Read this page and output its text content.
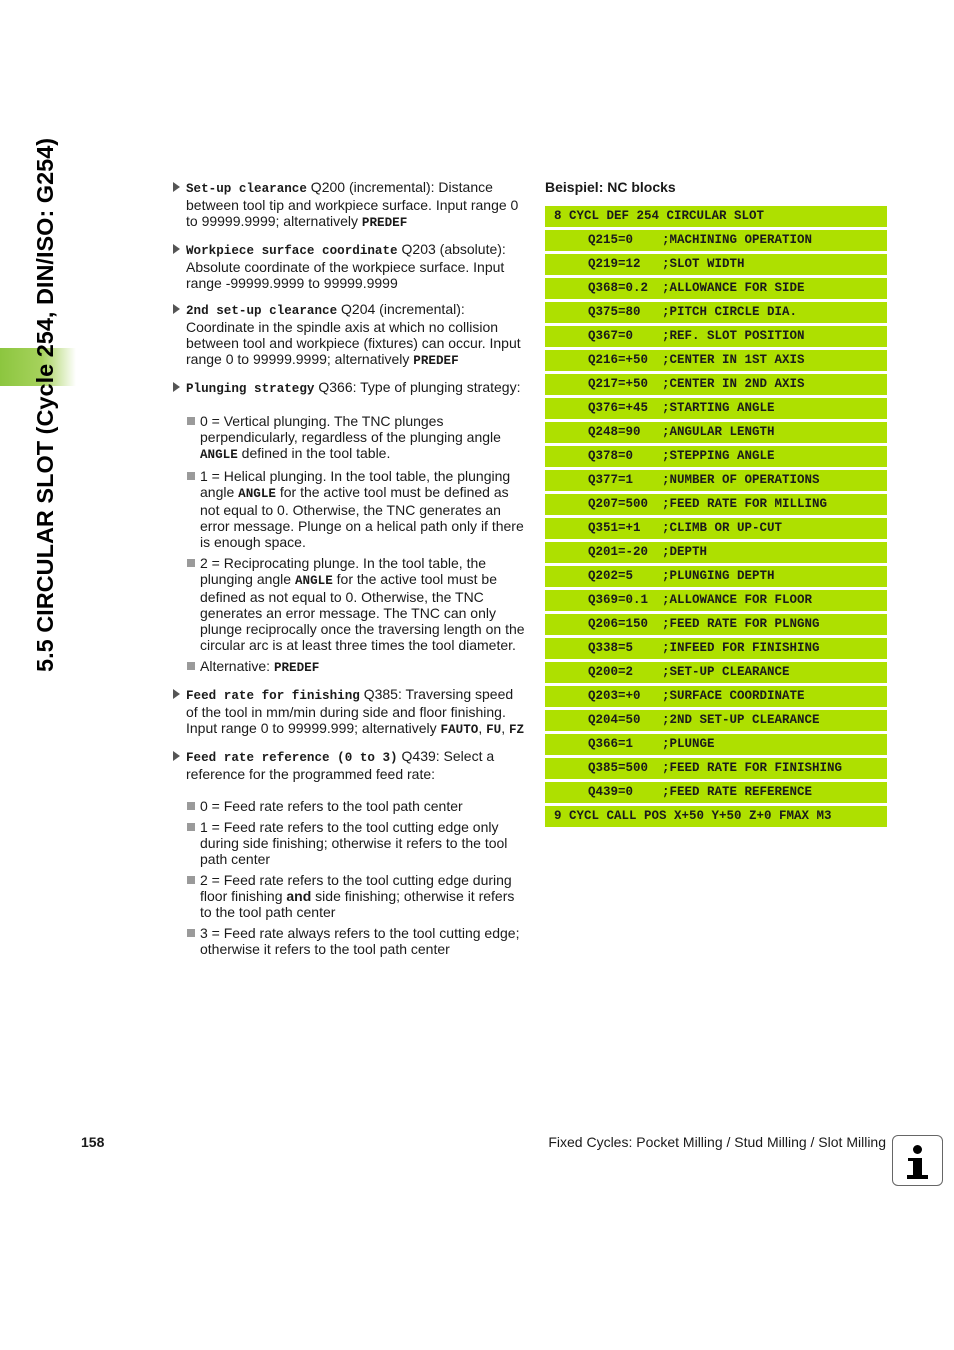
5.5 CIRCULAR SLOT (Cycle 254, DIN/ISO: G254)	Set-up clearance Q200 (incremental): Distance between tool tip and workpiece surface. Input range 0 to 99999.9999; alternatively PREDEF
Workpiece surface coordinate Q203 (absolute): Absolute coordinate of the workpiece surface. Input range -99999.9999 to 99999.9999
2nd set-up clearance Q204 (incremental): Coordinate in the spindle axis at which no collision between tool and workpiece (fixtures) can occur. Input range 0 to 99999.9999; alternatively PREDEF
Plunging strategy Q366: Type of plunging strategy:
0 = Vertical plunging. The TNC plunges perpendicularly, regardless of the plunging angle ANGLE defined in the tool table.
1 = Helical plunging. In the tool table, the plunging angle ANGLE for the active tool must be defined as not equal to 0. Otherwise, the TNC generates an error message. Plunge on a helical path only if there is enough space.
2 = Reciprocating plunge. In the tool table, the plunging angle ANGLE for the active tool must be defined as not equal to 0. Otherwise, the TNC generates an error message. The TNC can only plunge reciprocally once the traversing length on the circular arc is at least three times the tool diameter.
Alternative: PREDEF
Feed rate for finishing Q385: Traversing speed of the tool in mm/min during side and floor finishing. Input range 0 to 99999.999; alternatively FAUTO, FU, FZ
Feed rate reference (0 to 3) Q439: Select a reference for the programmed feed rate:
0 = Feed rate refers to the tool path center
1 = Feed rate refers to the tool cutting edge only during side finishing; otherwise it refers to the tool path center
2 = Feed rate refers to the tool cutting edge during floor finishing and side finishing; otherwise it refers to the tool path center
3 = Feed rate always refers to the tool cutting edge; otherwise it refers to the tool path center
Beispiel: NC blocks
8 CYCL DEF 254 CIRCULAR SLOT
Q215=0 ;MACHINING OPERATION
Q219=12 ;SLOT WIDTH
Q368=0.2 ;ALLOWANCE FOR SIDE
Q375=80 ;PITCH CIRCLE DIA.
Q367=0 ;REF. SLOT POSITION
Q216=+50 ;CENTER IN 1ST AXIS
Q217=+50 ;CENTER IN 2ND AXIS
Q376=+45 ;STARTING ANGLE
Q248=90 ;ANGULAR LENGTH
Q378=0 ;STEPPING ANGLE
Q377=1 ;NUMBER OF OPERATIONS
Q207=500 ;FEED RATE FOR MILLING
Q351=+1 ;CLIMB OR UP-CUT
Q201=-20 ;DEPTH
Q202=5 ;PLUNGING DEPTH
Q369=0.1 ;ALLOWANCE FOR FLOOR
Q206=150 ;FEED RATE FOR PLNGNG
Q338=5 ;INFEED FOR FINISHING
Q200=2 ;SET-UP CLEARANCE
Q203=+0 ;SURFACE COORDINATE
Q204=50 ;2ND SET-UP CLEARANCE
Q366=1 ;PLUNGE
Q385=500 ;FEED RATE FOR FINISHING
Q439=0 ;FEED RATE REFERENCE
9 CYCL CALL POS X+50 Y+50 Z+0 FMAX M3
158	Fixed Cycles: Pocket Milling / Stud Milling / Slot Milling
